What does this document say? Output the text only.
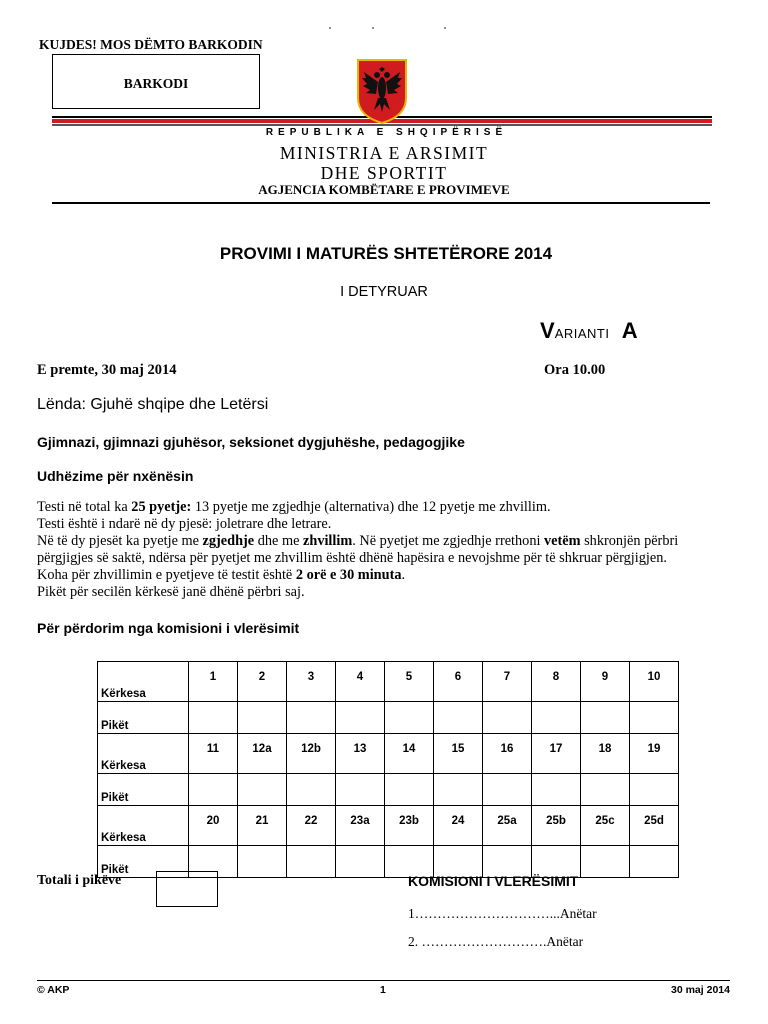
KUJDES! MOS DËMTO BARKODIN
BARKODI
REPUBLIKA E SHQIPËRISË
MINISTRIA E ARSIMIT
DHE SPORTIT
AGJENCIA KOMBËTARE E PROVIMEVE
PROVIMI I MATURËS SHTETËRORE 2014
I DETYRUAR
VARIANTI A
E premte, 30 maj 2014	Ora 10.00
Lënda: Gjuhë shqipe dhe Letërsi
Gjimnazi, gjimnazi gjuhësor, seksionet dygjuhëshe, pedagogjike
Udhëzime për nxënësin

Testi në total ka 25 pyetje: 13 pyetje me zgjedhje (alternativa) dhe 12 pyetje me zhvillim.

Testi është i ndarë në dy pjesë: joletrare dhe letrare.

Në të dy pjesët ka pyetje me zgjedhje dhe me zhvillim. Në pyetjet me zgjedhje rrethoni vetëm shkronjën përbri

përgjigjes së saktë, ndërsa për pyetjet me zhvillim është dhënë hapësira e nevojshme për të shkruar përgjigjen.

Koha për zhvillimin e pyetjeve të testit është 2 orë e 30 minuta.

Pikët për secilën kërkesë janë dhënë përbri saj.

Për përdorim nga komisioni i vlerësimit
Kërkesa	1	2	3	4	5	6	7	8	9	10
Pikët										
Kërkesa	11	12a	12b	13	14	15	16	17	18	19
Pikët										
Kërkesa	20	21	22	23a	23b	24	25a	25b	25c	25d
Pikët										
Totali i pikëve	KOMISIONI I VLERËSIMIT
1…………………………...Anëtar
2. ……………………….Anëtar
© AKP	1	30 maj 2014
